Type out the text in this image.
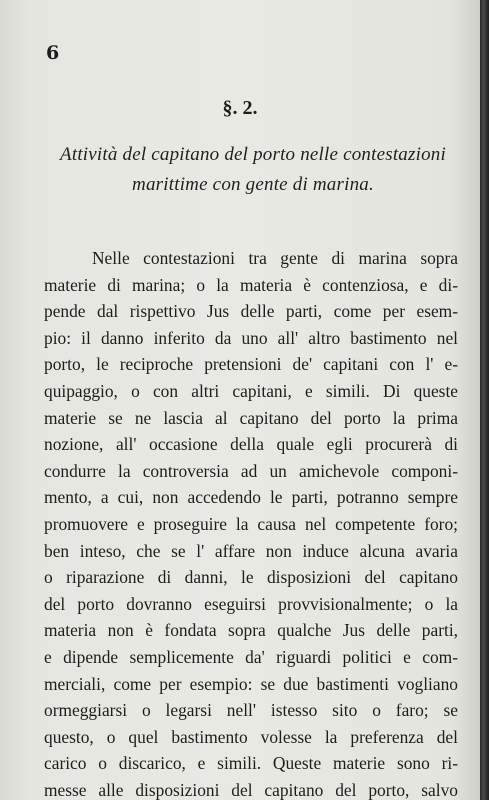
6
§. 2.
Attività del capitano del porto nelle contestazioni
marittime con gente di marina.
Nelle contestazioni tra gente di marina sopra
materie di marina; o la materia è contenziosa, e di-
pende dal rispettivo Jus delle parti, come per esem-
pio: il danno inferito da uno all' altro bastimento nel
porto, le reciproche pretensioni de' capitani con l' e-
quipaggio, o con altri capitani, e simili. Di queste
materie se ne lascia al capitano del porto la prima
nozione, all' occasione della quale egli procurerà di
condurre la controversia ad un amichevole componi-
mento, a cui, non accedendo le parti, potranno sempre
promuovere e proseguire la causa nel competente foro;
ben inteso, che se l' affare non induce alcuna avaria
o riparazione di danni, le disposizioni del capitano
del porto dovranno eseguirsi provvisionalmente; o la
materia non è fondata sopra qualche Jus delle parti,
e dipende semplicemente da' riguardi politici e com-
merciali, come per esempio: se due bastimenti vogliano
ormeggiarsi o legarsi nell' istesso sito o faro; se
questo, o quel bastimento volesse la preferenza del
carico o discarico, e simili. Queste materie sono ri-
messe alle disposizioni del capitano del porto, salvo
